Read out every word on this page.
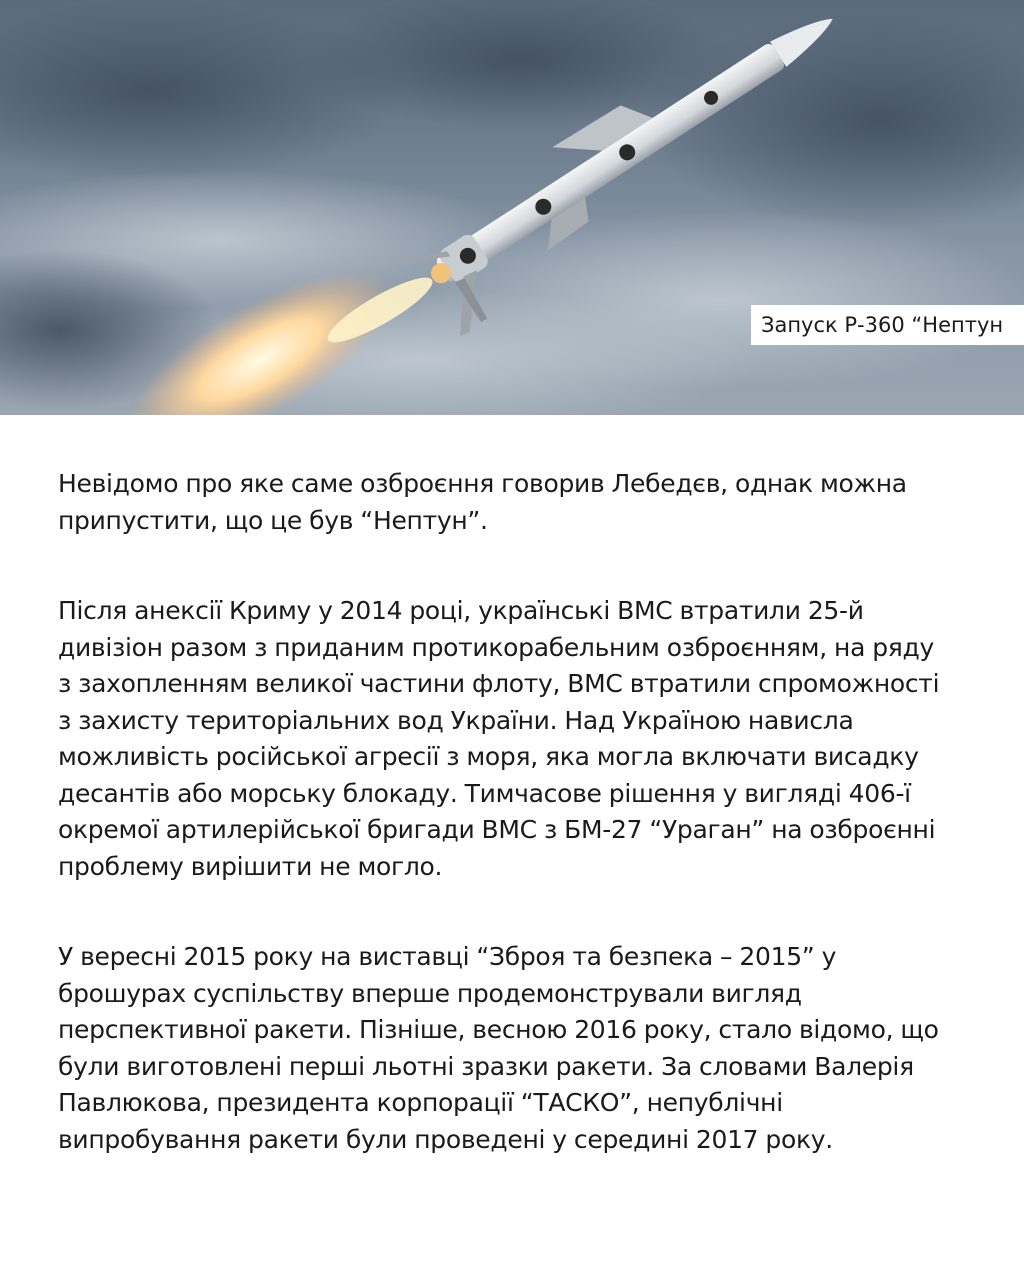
Запуск Р-360 “Нептун

Невідомо про яке саме озброєння говорив Лебедєв, однак можна припустити, що це був “Нептун”.

Після анексії Криму у 2014 році, українські ВМС втратили 25-й дивізіон разом з приданим протикорабельним озброєнням, на ряду з захопленням великої частини флоту, ВМС втратили спроможності з захисту територіальних вод України. Над Україною нависла можливість російської агресії з моря, яка могла включати висадку десантів або морську блокаду. Тимчасове рішення у вигляді 406-ї окремої артилерійської бригади ВМС з БМ-27 “Ураган” на озброєнні проблему вирішити не могло.

У вересні 2015 року на виставці “Зброя та безпека – 2015” у брошурах суспільству вперше продемонстрували вигляд перспективної ракети. Пізніше, весною 2016 року, стало відомо, що були виготовлені перші льотні зразки ракети. За словами Валерія Павлюкова, президента корпорації “ТАСКО”, непублічні випробування ракети були проведені у середині 2017 року.
